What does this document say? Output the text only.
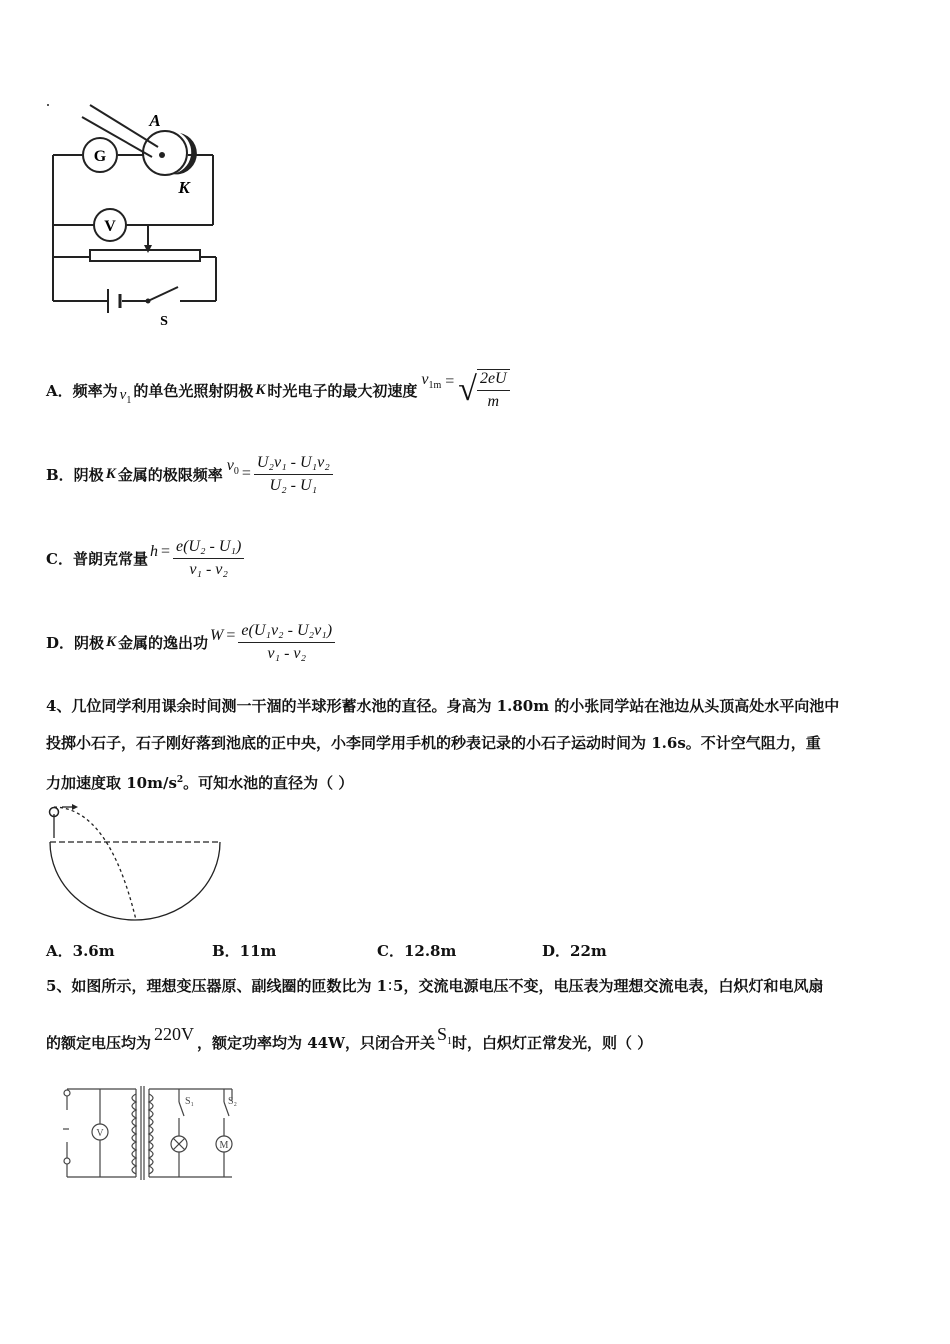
G
A
K
V
S
A．频率为 $v_1$
的单色光照射阴极 K 时光电子的最大初速度
$v_{1m}$ = √ $\frac{2eU}{m}$
B．阴极 K 金属的极限频率 $v_0 = \frac{\text{U₂v₁ - U₁v₂}}{\text{U₂ - U₁}}$
C．普朗克常量 $h = \frac{\text{e(U₂ - U₁)}}{\text{v₁ - v₂}}$
D．阴极 K 金属的逸出功 $W = \frac{\text{e(U₁v₂ - U₂v₁)}}{\text{v₁ - v₂}}$
4、几位同学利用课余时间测一干涸的半球形蓄水池的直径。身高为 1.80m 的小张同学站在池边从头顶高处水平向池中
投掷小石子，石子刚好落到池底的正中央，小李同学用手机的秒表记录的小石子运动时间为 1.6s。不计空气阻力，重
力加速度取 $10m/s^2$。可知水池的直径为（ ）
A．3.6m	B．11m	C．12.8m	D．22m
5、如图所示，理想变压器原、副线圈的匝数比为 1∶5，交流电源电压不变，电压表为理想交流电表，白炽灯和电风扇
的额定电压均为 220V ，额定功率均为 44W，只闭合开关 $S_1$ 时，白炽灯正常发光，则（ ）
V
S₁	S₂
M
